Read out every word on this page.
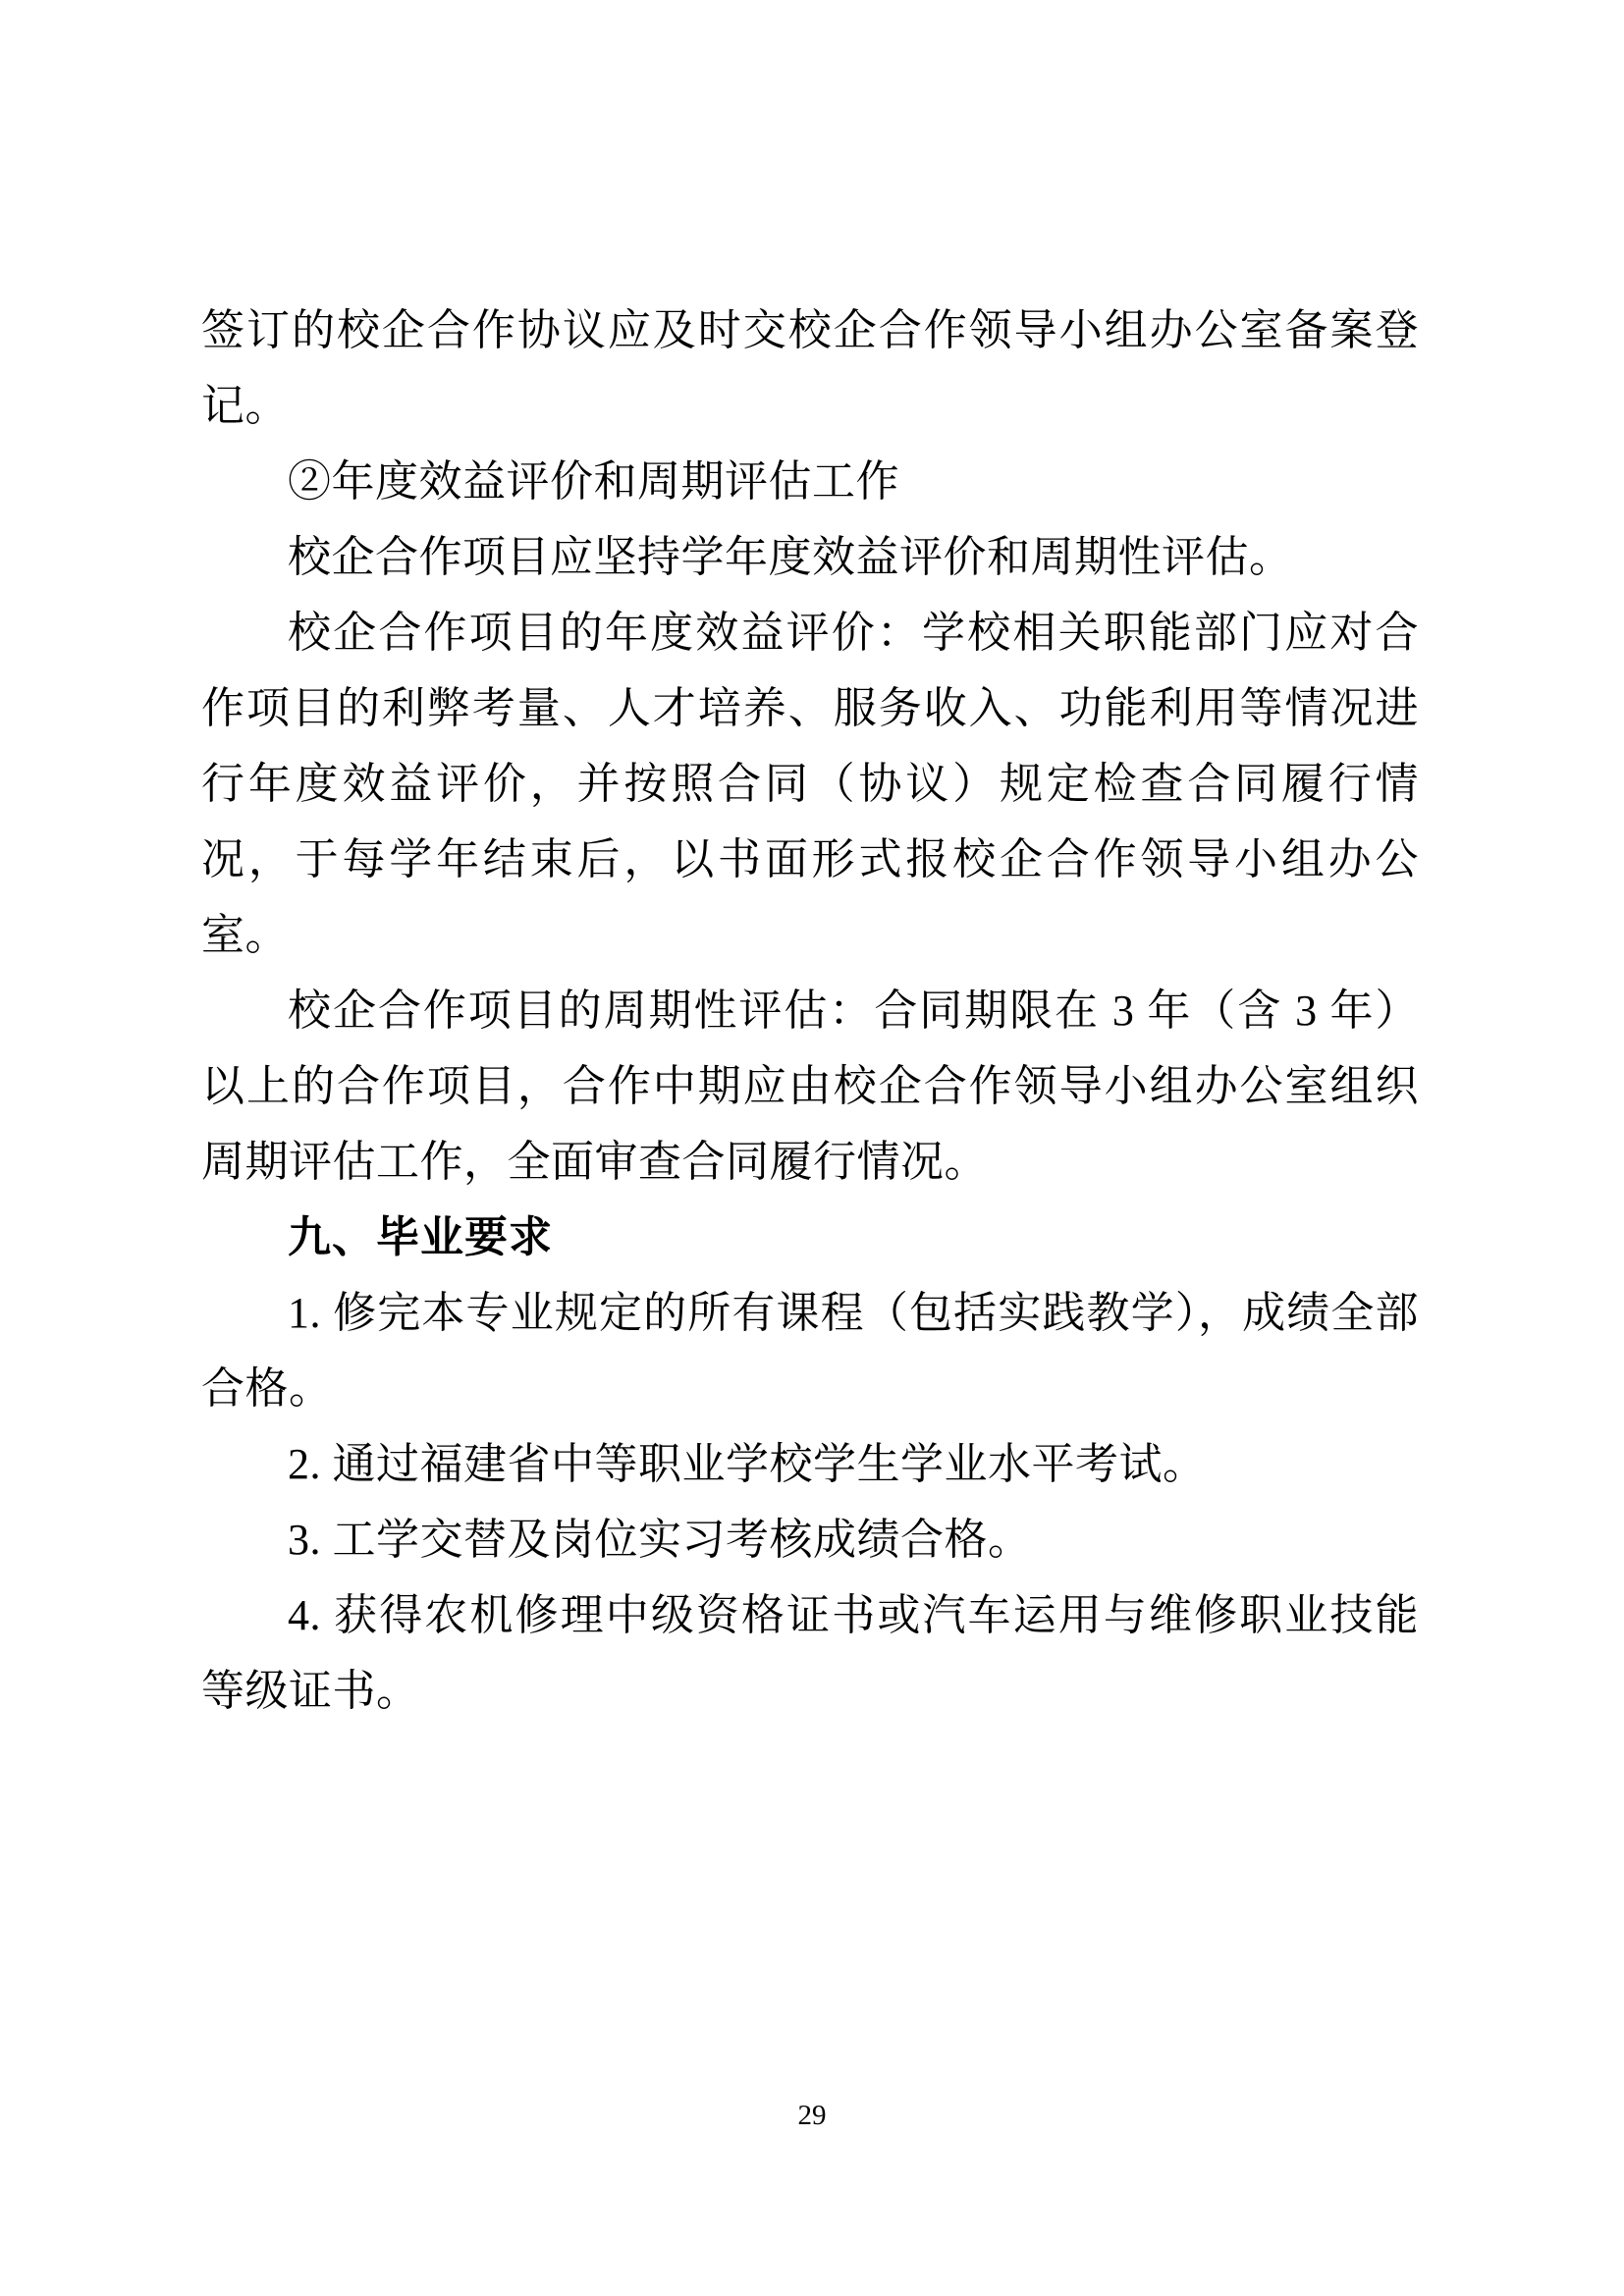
签订的校企合作协议应及时交校企合作领导小组办公室备案登记。

②年度效益评价和周期评估工作

校企合作项目应坚持学年度效益评价和周期性评估。

校企合作项目的年度效益评价：学校相关职能部门应对合作项目的利弊考量、人才培养、服务收入、功能利用等情况进行年度效益评价，并按照合同（协议）规定检查合同履行情况，于每学年结束后，以书面形式报校企合作领导小组办公室。

校企合作项目的周期性评估：合同期限在 3 年（含 3 年）以上的合作项目，合作中期应由校企合作领导小组办公室组织周期评估工作，全面审查合同履行情况。

九、毕业要求

1. 修完本专业规定的所有课程（包括实践教学），成绩全部合格。

2. 通过福建省中等职业学校学生学业水平考试。

3. 工学交替及岗位实习考核成绩合格。

4. 获得农机修理中级资格证书或汽车运用与维修职业技能等级证书。

29
